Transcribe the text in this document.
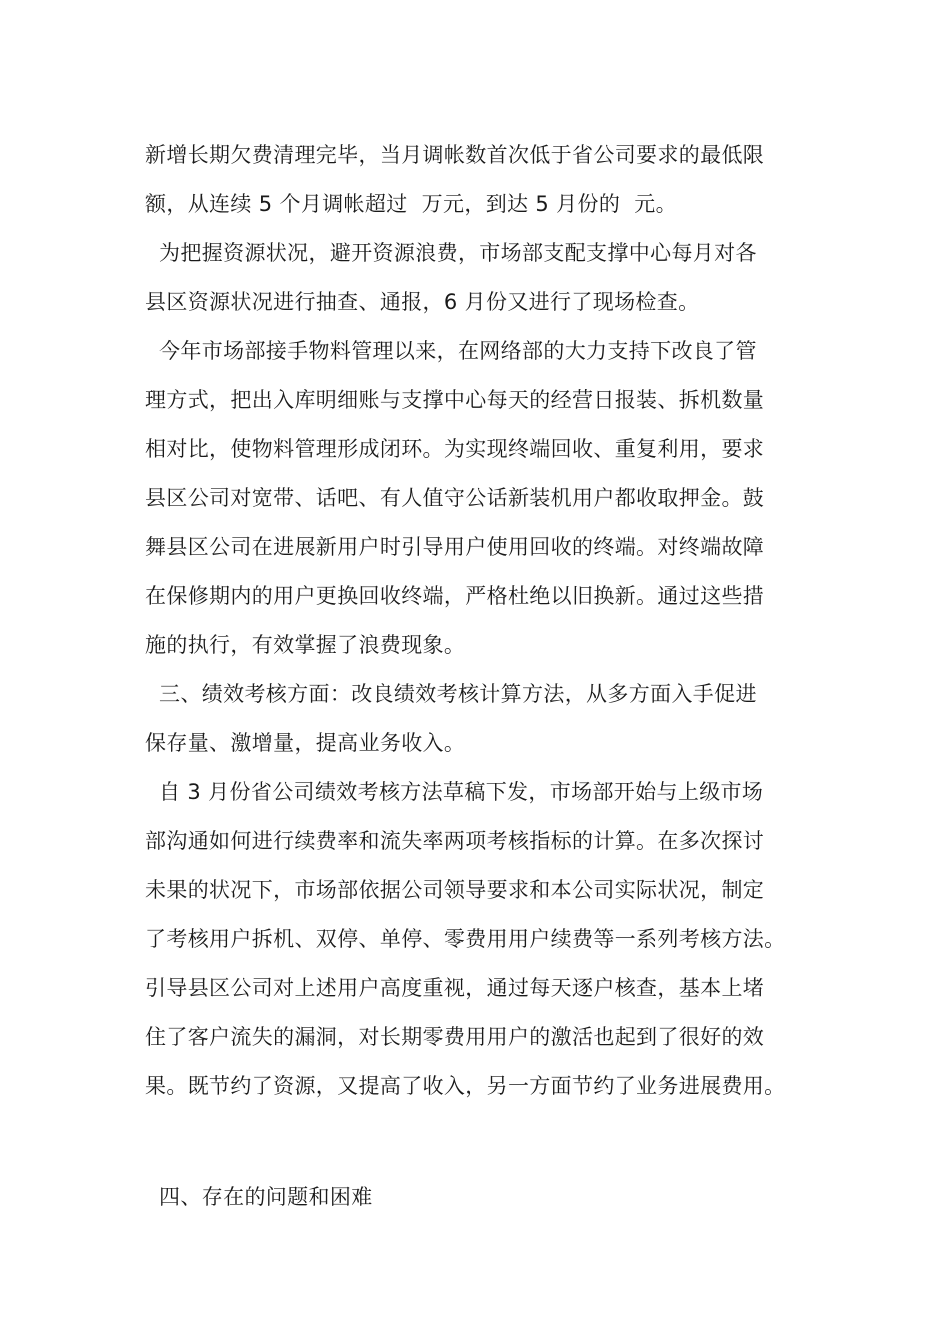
新增长期欠费清理完毕，当月调帐数首次低于省公司要求的最低限
额，从连续 5 个月调帐超过  万元，到达 5 月份的  元。

为把握资源状况，避开资源浪费，市场部支配支撑中心每月对各
县区资源状况进行抽查、通报，6 月份又进行了现场检查。

今年市场部接手物料管理以来，在网络部的大力支持下改良了管
理方式，把出入库明细账与支撑中心每天的经营日报装、拆机数量
相对比，使物料管理形成闭环。为实现终端回收、重复利用，要求
县区公司对宽带、话吧、有人值守公话新装机用户都收取押金。鼓
舞县区公司在进展新用户时引导用户使用回收的终端。对终端故障
在保修期内的用户更换回收终端，严格杜绝以旧换新。通过这些措
施的执行，有效掌握了浪费现象。

三、绩效考核方面：改良绩效考核计算方法，从多方面入手促进
保存量、激增量，提高业务收入。

自 3 月份省公司绩效考核方法草稿下发，市场部开始与上级市场
部沟通如何进行续费率和流失率两项考核指标的计算。在多次探讨
未果的状况下，市场部依据公司领导要求和本公司实际状况，制定
了考核用户拆机、双停、单停、零费用用户续费等一系列考核方法。
引导县区公司对上述用户高度重视，通过每天逐户核查，基本上堵
住了客户流失的漏洞，对长期零费用用户的激活也起到了很好的效
果。既节约了资源，又提高了收入，另一方面节约了业务进展费用。

四、存在的问题和困难
